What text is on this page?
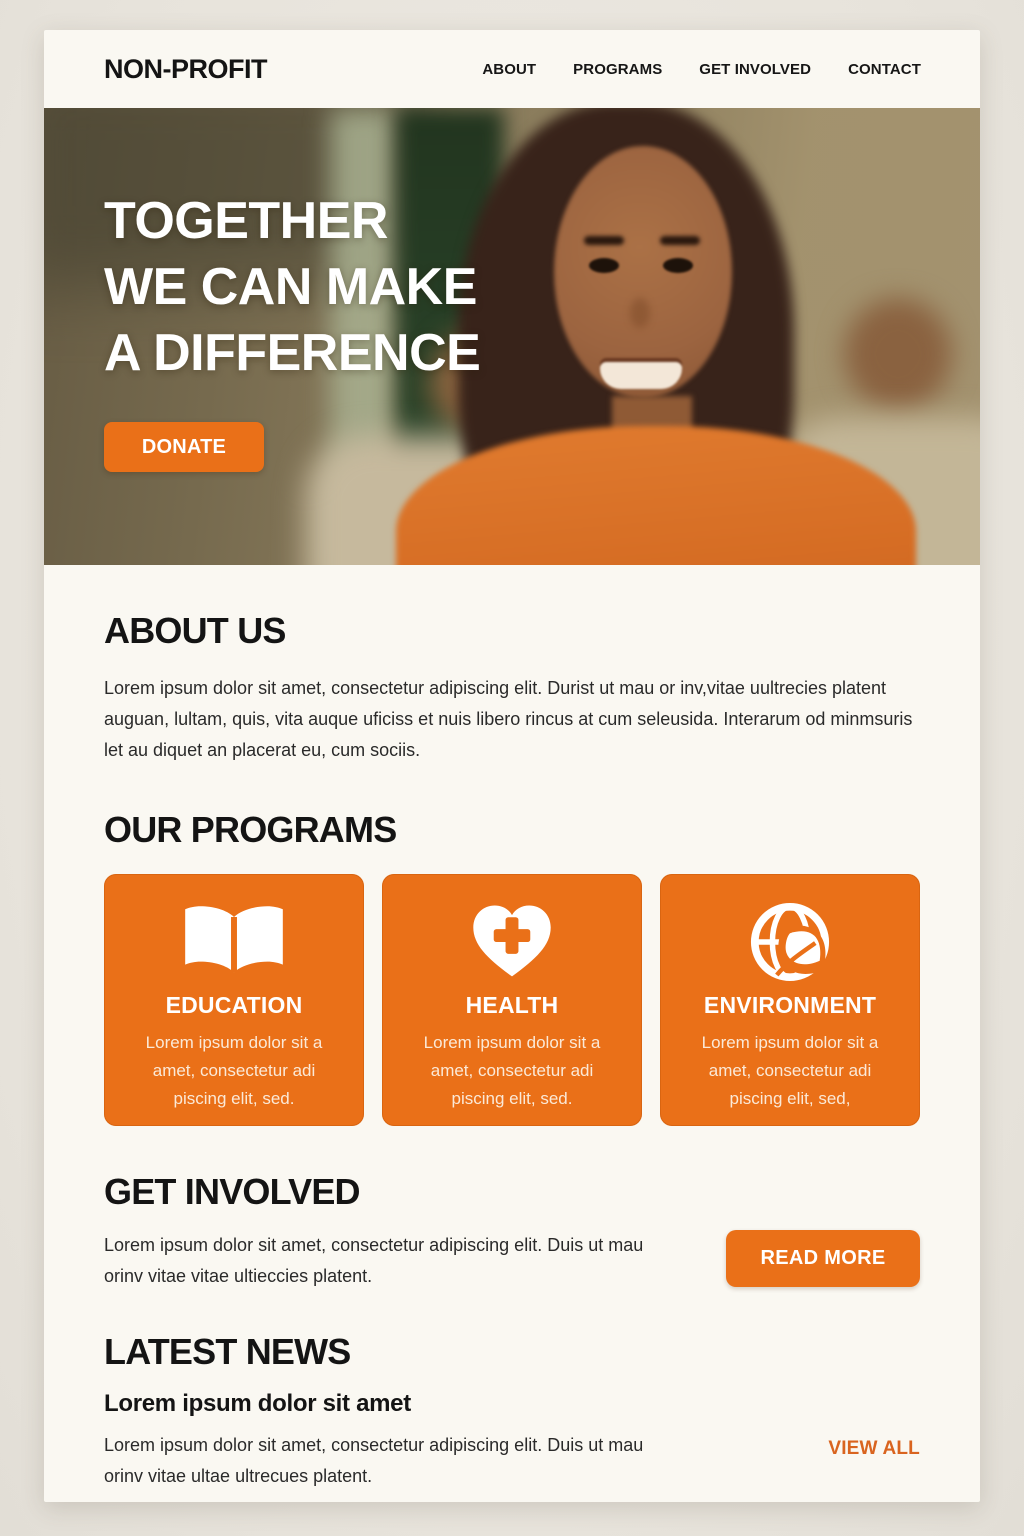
NON-PROFIT	ABOUT PROGRAMS GET INVOLVED CONTACT
TOGETHER
WE CAN MAKE
A DIFFERENCE
DONATE
ABOUT US

Lorem ipsum dolor sit amet, consectetur adipiscing elit. Durist ut mau or inv,vitae uultrecies platent auguan, lultam, quis, vita auque uficiss et nuis libero rincus at cum seleusida. Interarum od minmsuris let au diquet an placerat eu, cum sociis.

OUR PROGRAMS
EDUCATION
Lorem ipsum dolor sit a amet, consectetur adi piscing elit, sed.
HEALTH
Lorem ipsum dolor sit a amet, consectetur adi piscing elit, sed.
ENVIRONMENT
Lorem ipsum dolor sit a amet, consectetur adi piscing elit, sed,
GET INVOLVED

Lorem ipsum dolor sit amet, consectetur adipiscing elit. Duis ut mau orinv vitae vitae ultieccies platent.

READ MORE
LATEST NEWS
Lorem ipsum dolor sit amet

Lorem ipsum dolor sit amet, consectetur adipiscing elit. Duis ut mau orinv vitae ultae ultrecues platent.

VIEW ALL
